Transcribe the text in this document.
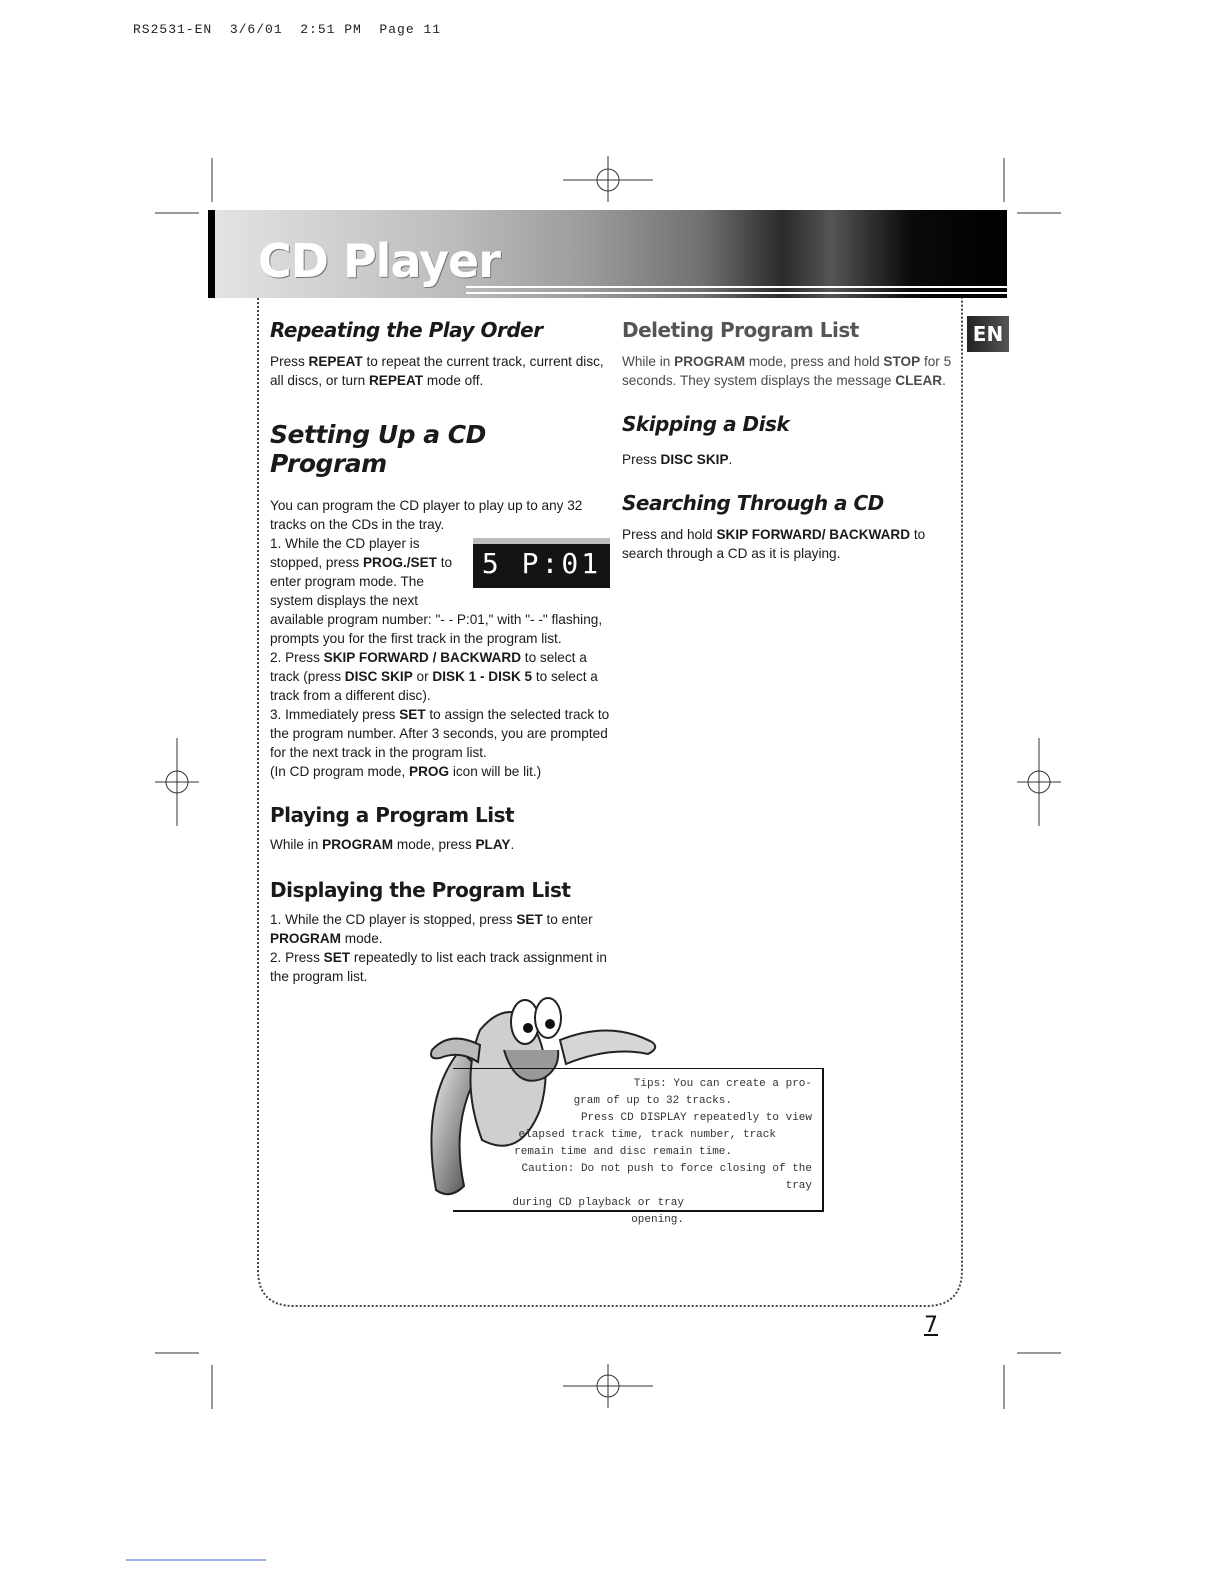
RS2531-EN  3/6/01  2:51 PM  Page 11
CD Player
EN
Repeating the Play Order

Press REPEAT to repeat the current track, current disc, all discs, or turn REPEAT mode off.

Setting Up a CD Program

You can program the CD player to play up to any 32 tracks on the CDs in the tray.

5 P:01

1. While the CD player is stopped, press PROG./SET to enter program mode. The system displays the next available program number: "- - P:01," with "- -" flashing, prompts you for the first track in the program list.

2. Press SKIP FORWARD / BACKWARD to select a track (press DISC SKIP or DISK 1 - DISK 5 to select a track from a different disc).

3. Immediately press SET to assign the selected track to the program number. After 3 seconds, you are prompted for the next track in the program list.

(In CD program mode, PROG icon will be lit.)

Playing a Program List

While in PROGRAM mode, press PLAY.

Displaying the Program List

1. While the CD player is stopped, press SET to enter PROGRAM mode.

2. Press SET repeatedly to list each track assignment in the program list.

Deleting Program List

While in PROGRAM mode, press and hold STOP for 5 seconds. They system displays the message CLEAR.

Skipping a Disk

Press DISC SKIP.

Searching Through a CD

Press and hold SKIP FORWARD/ BACKWARD to search through a CD as it is playing.

Tips: You can create a pro-
gram of up to 32 tracks.
Press CD DISPLAY repeatedly to view
elapsed track time, track number, track
remain time and disc remain time.
Caution: Do not push to force closing of the tray
during CD playback or tray opening.
7
